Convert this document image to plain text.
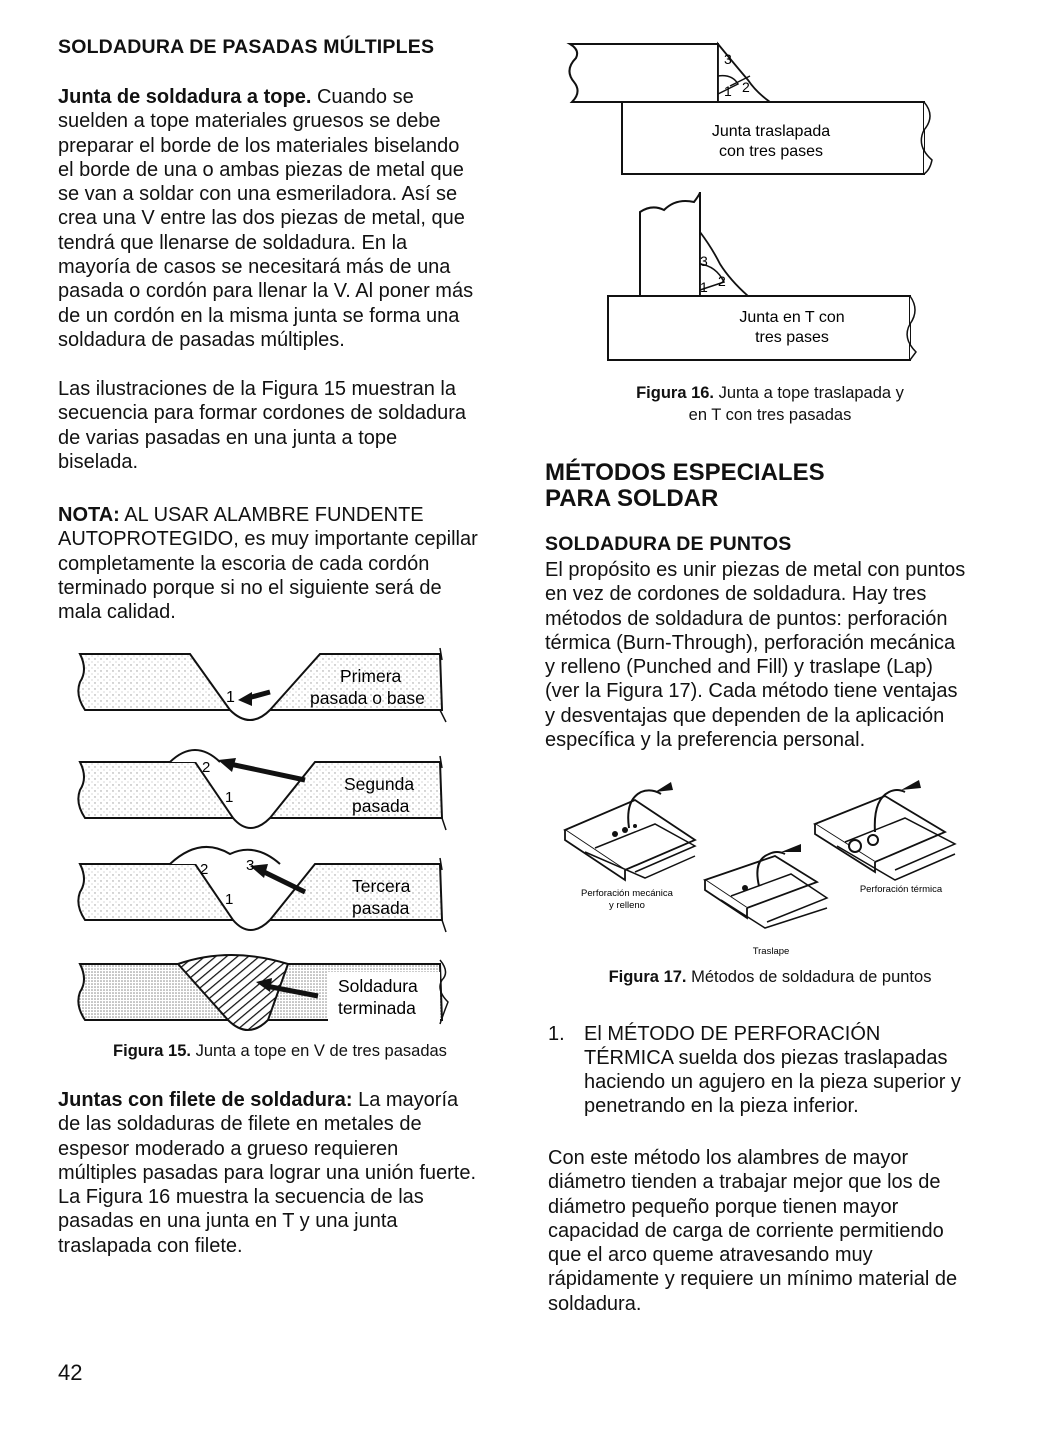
SOLDADURA DE PASADAS MÚLTIPLES

Junta de soldadura a tope. Cuando se

suelden a tope materiales gruesos se debe

preparar el borde de los materiales biselando

el borde de una o ambas piezas de metal que

se van a soldar con una esmeriladora. Así se

crea una V entre las dos piezas de metal, que

tendrá que llenarse de soldadura. En la

mayoría de casos se necesitará más de una

pasada o cordón para llenar la V. Al poner más

de un cordón en la misma junta se forma una

soldadura de pasadas múltiples.

Las ilustraciones de la Figura 15 muestran la

secuencia para formar cordones de soldadura

de varias pasadas en una junta a tope

biselada.

NOTA: AL USAR ALAMBRE FUNDENTE

AUTOPROTEGIDO, es muy importante cepillar

completamente la escoria de cada cordón

terminado porque si no el siguiente será de

mala calidad.

1
Primera
pasada o base
2
1
Segunda
pasada
2	3
1
Tercera
pasada
Soldadura
terminada
Figura 15. Junta a tope en V de tres pasadas

Juntas con filete de soldadura: La mayoría

de las soldaduras de filete en metales de

espesor moderado a grueso requieren

múltiples pasadas para lograr una unión fuerte.

La Figura 16 muestra la secuencia de las

pasadas en una junta en T y una junta

traslapada con filete.

42
3
1 2
Junta traslapada
con tres pases
3
1 2
Junta en T con
tres pases
Figura 16. Junta a tope traslapada y
en T con tres pasadas
MÉTODOS ESPECIALES
PARA SOLDAR
SOLDADURA DE PUNTOS

El propósito es unir piezas de metal con puntos

en vez de cordones de soldadura. Hay tres

métodos de soldadura de puntos: perforación

térmica (Burn-Through), perforación mecánica

y relleno (Punched and Fill) y traslape (Lap)

(ver la Figura 17). Cada método tiene ventajas

y desventajas que dependen de la aplicación

específica y la preferencia personal.

Perforación mecánica
y relleno
Traslape
Perforación térmica
Figura 17. Métodos de soldadura de puntos
1. El MÉTODO DE PERFORACIÓN
TÉRMICA suelda dos piezas traslapadas
haciendo un agujero en la pieza superior y
penetrando en la pieza inferior.

Con este método los alambres de mayor

diámetro tienden a trabajar mejor que los de

diámetro pequeño porque tienen mayor

capacidad de carga de corriente permitiendo

que el arco queme atravesando muy

rápidamente y requiere un mínimo material de

soldadura.
